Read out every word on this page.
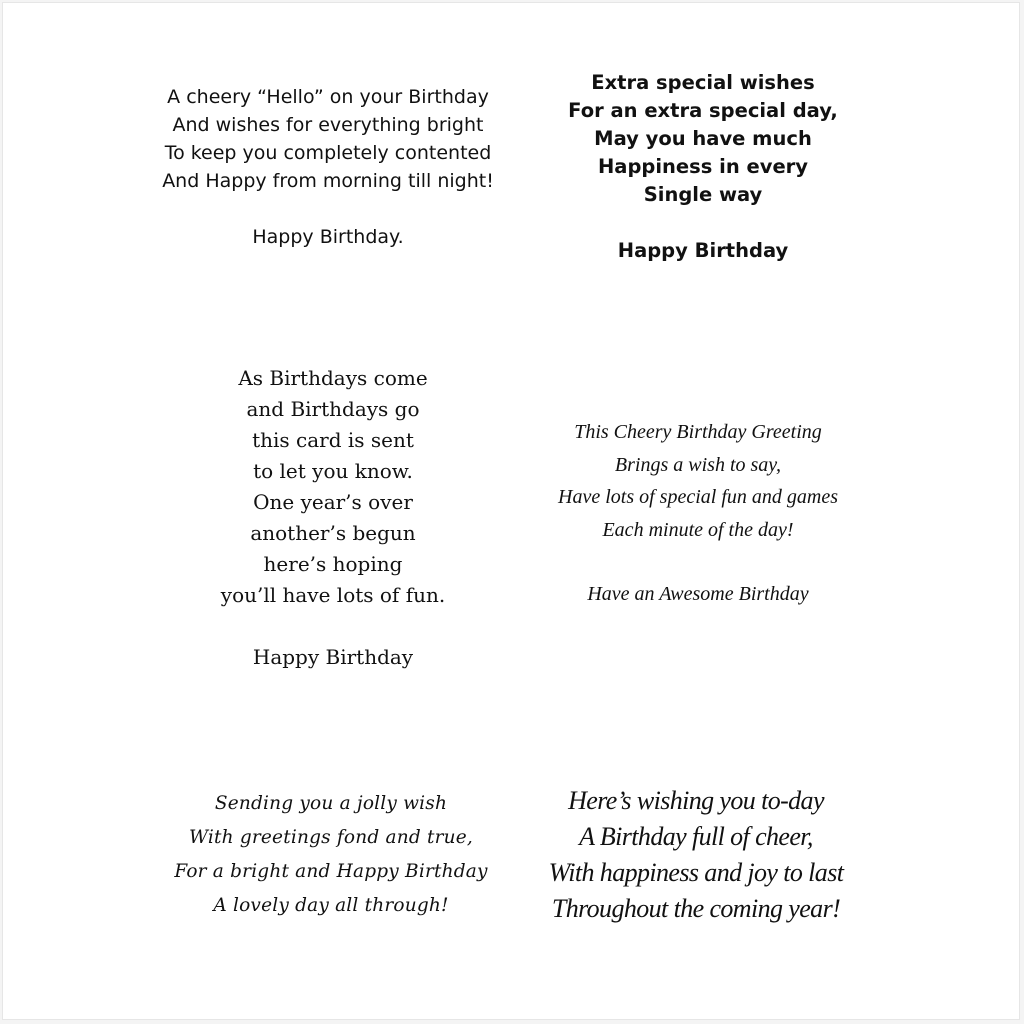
A cheery “Hello” on your Birthday
And wishes for everything bright
To keep you completely contented
And Happy from morning till night!
Happy Birthday.
Extra special wishes
For an extra special day,
May you have much
Happiness in every
Single way
Happy Birthday
As Birthdays come
and Birthdays go
this card is sent
to let you know.
One year’s over
another’s begun
here’s hoping
you’ll have lots of fun.
Happy Birthday
This Cheery Birthday Greeting
Brings a wish to say,
Have lots of special fun and games
Each minute of the day!
Have an Awesome Birthday
Sending you a jolly wish
With greetings fond and true,
For a bright and Happy Birthday
A lovely day all through!
Here’s wishing you to-day
A Birthday full of cheer,
With happiness and joy to last
Throughout the coming year!
